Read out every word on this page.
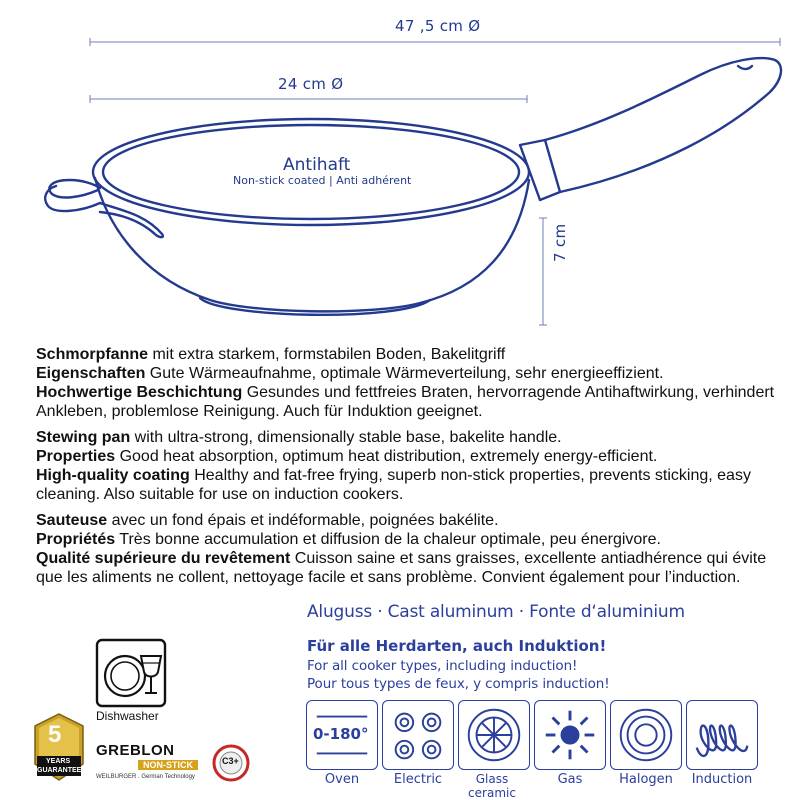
47 ,5 cm Ø
24 cm Ø
7 cm
Antihaft
Non-stick coated | Anti adhérent

Schmorpfanne mit extra starkem, formstabilen Boden, Bakelitgriff
Eigenschaften Gute Wärmeaufnahme, optimale Wärmeverteilung, sehr energieeffizient.
Hochwertige Beschichtung Gesundes und fettfreies Braten, hervorragende Antihaftwirkung, verhindert Ankleben, problemlose Reinigung. Auch für Induktion geeignet.

Stewing pan with ultra-strong, dimensionally stable base, bakelite handle.
Properties Good heat absorption, optimum heat distribution, extremely energy-efficient.
High-quality coating Healthy and fat-free frying, superb non-stick properties, prevents sticking, easy cleaning. Also suitable for use on induction cookers.

Sauteuse avec un fond épais et indéformable, poignées bakélite.
Propriétés Très bonne accumulation et diffusion de la chaleur optimale, peu énergivore.
Qualité supérieure du revêtement Cuisson saine et sans graisses, excellente antiadhérence qui évite que les aliments ne collent, nettoyage facile et sans problème. Convient également pour l’induction.

Aluguss · Cast aluminum · Fonte d‘aluminium
Für alle Herdarten, auch Induktion!
For all cooker types, including induction!
Pour tous types de feux, y compris induction!
0-180°
Oven	Electric	Glass ceramic
Gas	Halogen	Induction
Dishwasher
5
YEARS
GUARANTEE
GREBLON
NON-STICK
WEILBURGER . German Technology
C3+
